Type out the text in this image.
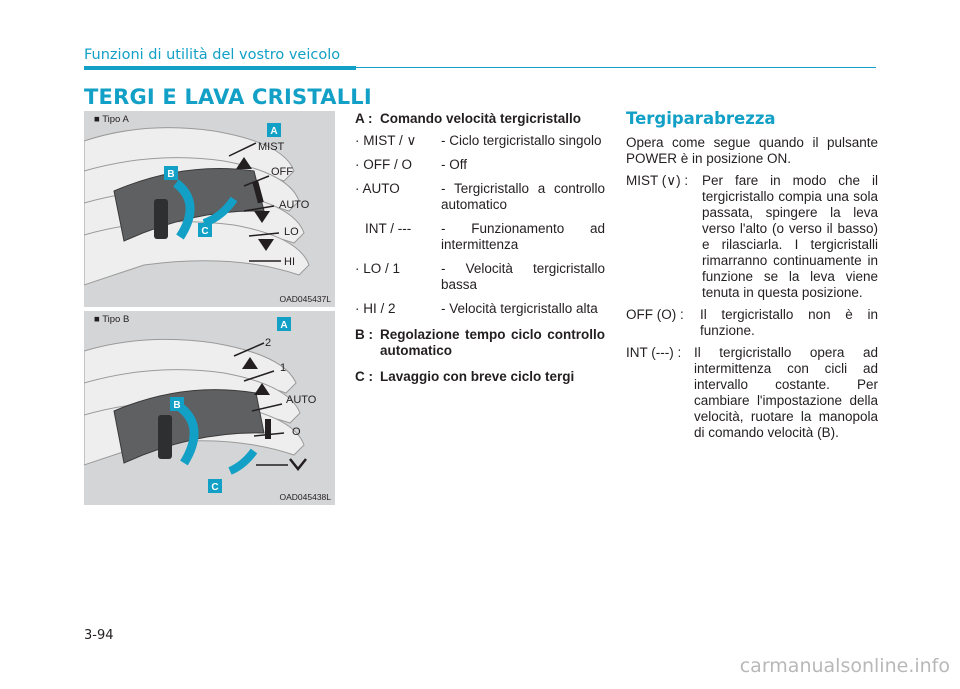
Funzioni di utilità del vostro veicolo
TERGI E LAVA CRISTALLI
A
B
C
MIST
OFF
AUTO
LO
HI
■ Tipo A
OAD045437L
A
B
C
2
1
AUTO
O
■ Tipo B
OAD045438L
A : Comando velocità tergicristallo
· MIST / ∨ - Ciclo tergicristallo singolo
· OFF / O - Off
· AUTO	- Tergicristallo a controllo automatico
INT / --- - Funzionamento ad intermittenza
· LO / 1	- Velocità tergicristallo bassa
· HI / 2	- Velocità tergicristallo alta
B : Regolazione tempo ciclo controllo automatico
C : Lavaggio con breve ciclo tergi
Tergiparabrezza
Opera come segue quando il pulsante POWER è in posizione ON.
MIST (∨) : Per fare in modo che il tergicristallo compia una sola passata, spingere la leva verso l'alto (o verso il basso) e rilasciarla. I tergicristalli rimarranno continuamente in funzione se la leva viene tenuta in questa posizione.
OFF (O) : Il tergicristallo non è in funzione.
INT (---) : Il tergicristallo opera ad intermittenza con cicli ad intervallo costante. Per cambiare l'impostazione della velocità, ruotare la manopola di comando velocità (B).
3-94
carmanualsonline.info
